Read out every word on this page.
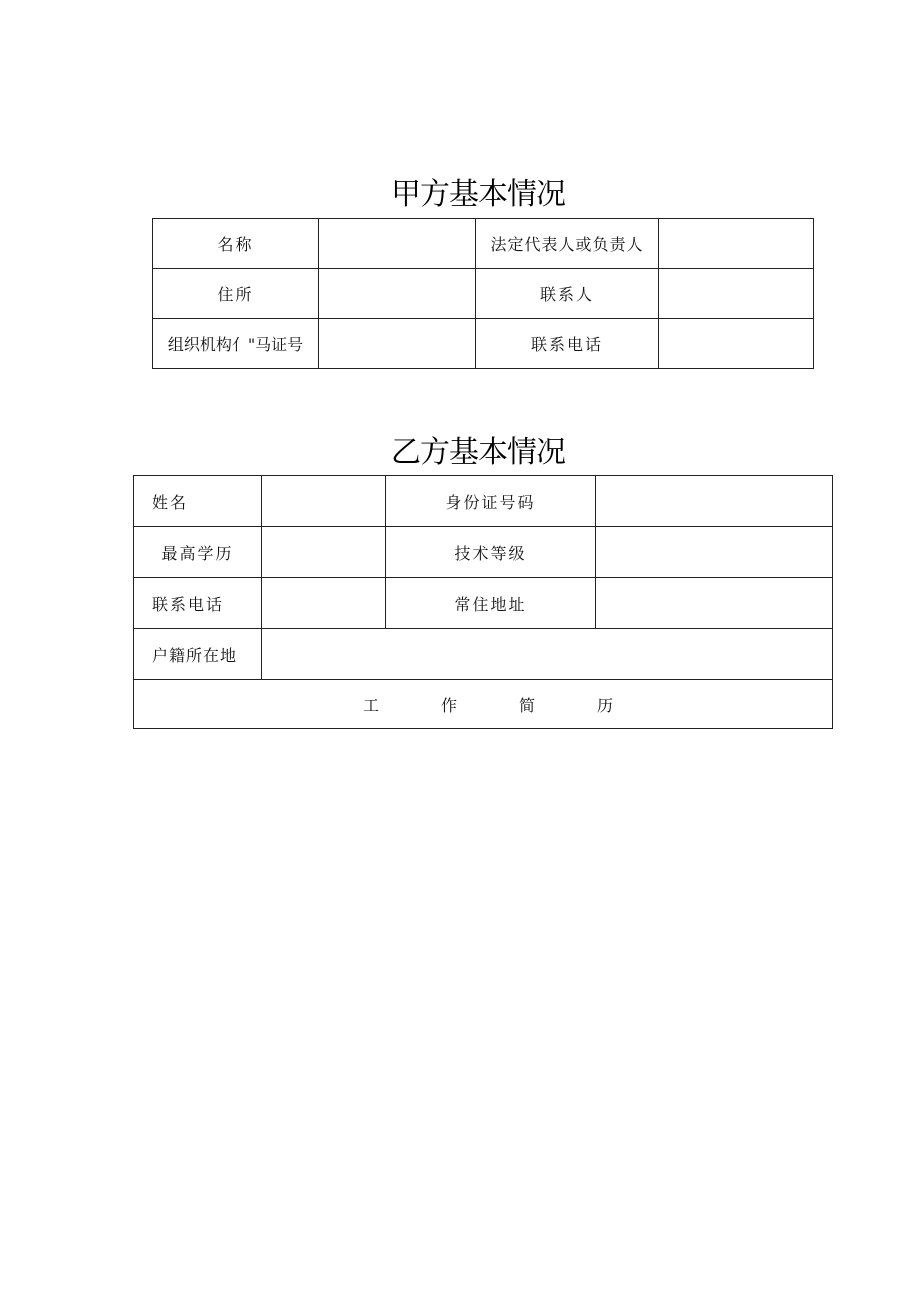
甲方基本情况
名称		法定代表人或负责人	
住所		联系人	
组织机构亻"马证号		联系电话	
乙方基本情况
姓名		身份证号码	
最高学历		技术等级	
联系电话		常住地址	
户籍所在地			

工 作 简 历			
